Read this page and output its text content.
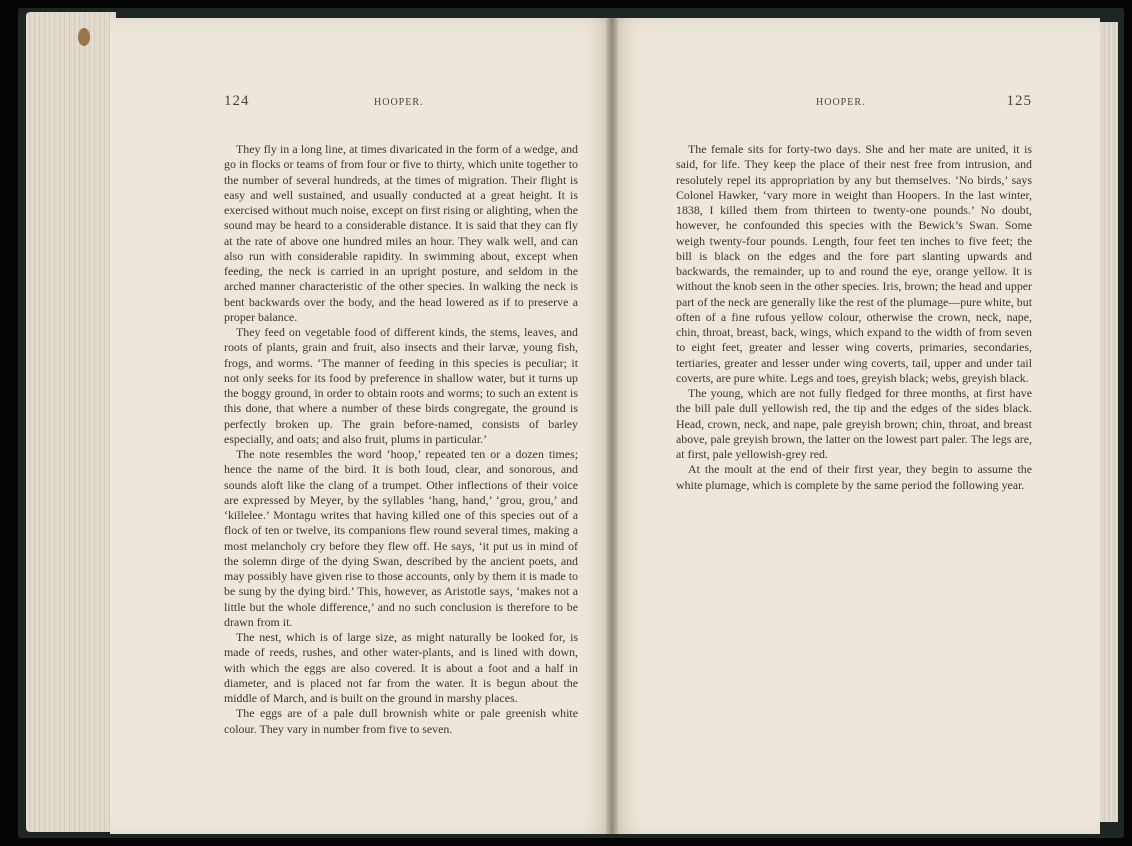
124	HOOPER.

They fly in a long line, at times divaricated in the form of a wedge, and go in flocks or teams of from four or five to thirty, which unite together to the number of several hundreds, at the times of migration. Their flight is easy and well sustained, and usually conducted at a great height. It is exercised without much noise, except on first rising or alighting, when the sound may be heard to a considerable distance. It is said that they can fly at the rate of above one hundred miles an hour. They walk well, and can also run with considerable rapidity. In swimming about, except when feeding, the neck is carried in an upright posture, and seldom in the arched manner characteristic of the other species. In walking the neck is bent backwards over the body, and the head lowered as if to preserve a proper balance.

They feed on vegetable food of different kinds, the stems, leaves, and roots of plants, grain and fruit, also insects and their larvæ, young fish, frogs, and worms. ‘The manner of feeding in this species is peculiar; it not only seeks for its food by preference in shallow water, but it turns up the boggy ground, in order to obtain roots and worms; to such an extent is this done, that where a number of these birds congregate, the ground is perfectly broken up. The grain before-named, consists of barley especially, and oats; and also fruit, plums in particular.’

The note resembles the word ‘hoop,’ repeated ten or a dozen times; hence the name of the bird. It is both loud, clear, and sonorous, and sounds aloft like the clang of a trumpet. Other inflections of their voice are expressed by Meyer, by the syllables ‘hang, hand,’ ‘grou, grou,’ and ‘killelee.’ Montagu writes that having killed one of this species out of a flock of ten or twelve, its companions flew round several times, making a most melancholy cry before they flew off. He says, ‘it put us in mind of the solemn dirge of the dying Swan, described by the ancient poets, and may possibly have given rise to those accounts, only by them it is made to be sung by the dying bird.’ This, however, as Aristotle says, ‘makes not a little but the whole difference,’ and no such conclusion is therefore to be drawn from it.

The nest, which is of large size, as might naturally be looked for, is made of reeds, rushes, and other water-plants, and is lined with down, with which the eggs are also covered. It is about a foot and a half in diameter, and is placed not far from the water. It is begun about the middle of March, and is built on the ground in marshy places.

The eggs are of a pale dull brownish white or pale greenish white colour. They vary in number from five to seven.

HOOPER.	125

The female sits for forty-two days. She and her mate are united, it is said, for life. They keep the place of their nest free from intrusion, and resolutely repel its appropriation by any but themselves. ‘No birds,’ says Colonel Hawker, ‘vary more in weight than Hoopers. In the last winter, 1838, I killed them from thirteen to twenty-one pounds.’ No doubt, however, he confounded this species with the Bewick’s Swan. Some weigh twenty-four pounds. Length, four feet ten inches to five feet; the bill is black on the edges and the fore part slanting upwards and backwards, the remainder, up to and round the eye, orange yellow. It is without the knob seen in the other species. Iris, brown; the head and upper part of the neck are generally like the rest of the plumage—pure white, but often of a fine rufous yellow colour, otherwise the crown, neck, nape, chin, throat, breast, back, wings, which expand to the width of from seven to eight feet, greater and lesser wing coverts, primaries, secondaries, tertiaries, greater and lesser under wing coverts, tail, upper and under tail coverts, are pure white. Legs and toes, greyish black; webs, greyish black.

The young, which are not fully fledged for three months, at first have the bill pale dull yellowish red, the tip and the edges of the sides black. Head, crown, neck, and nape, pale greyish brown; chin, throat, and breast above, pale greyish brown, the latter on the lowest part paler. The legs are, at first, pale yellowish-grey red.

At the moult at the end of their first year, they begin to assume the white plumage, which is complete by the same period the following year.
